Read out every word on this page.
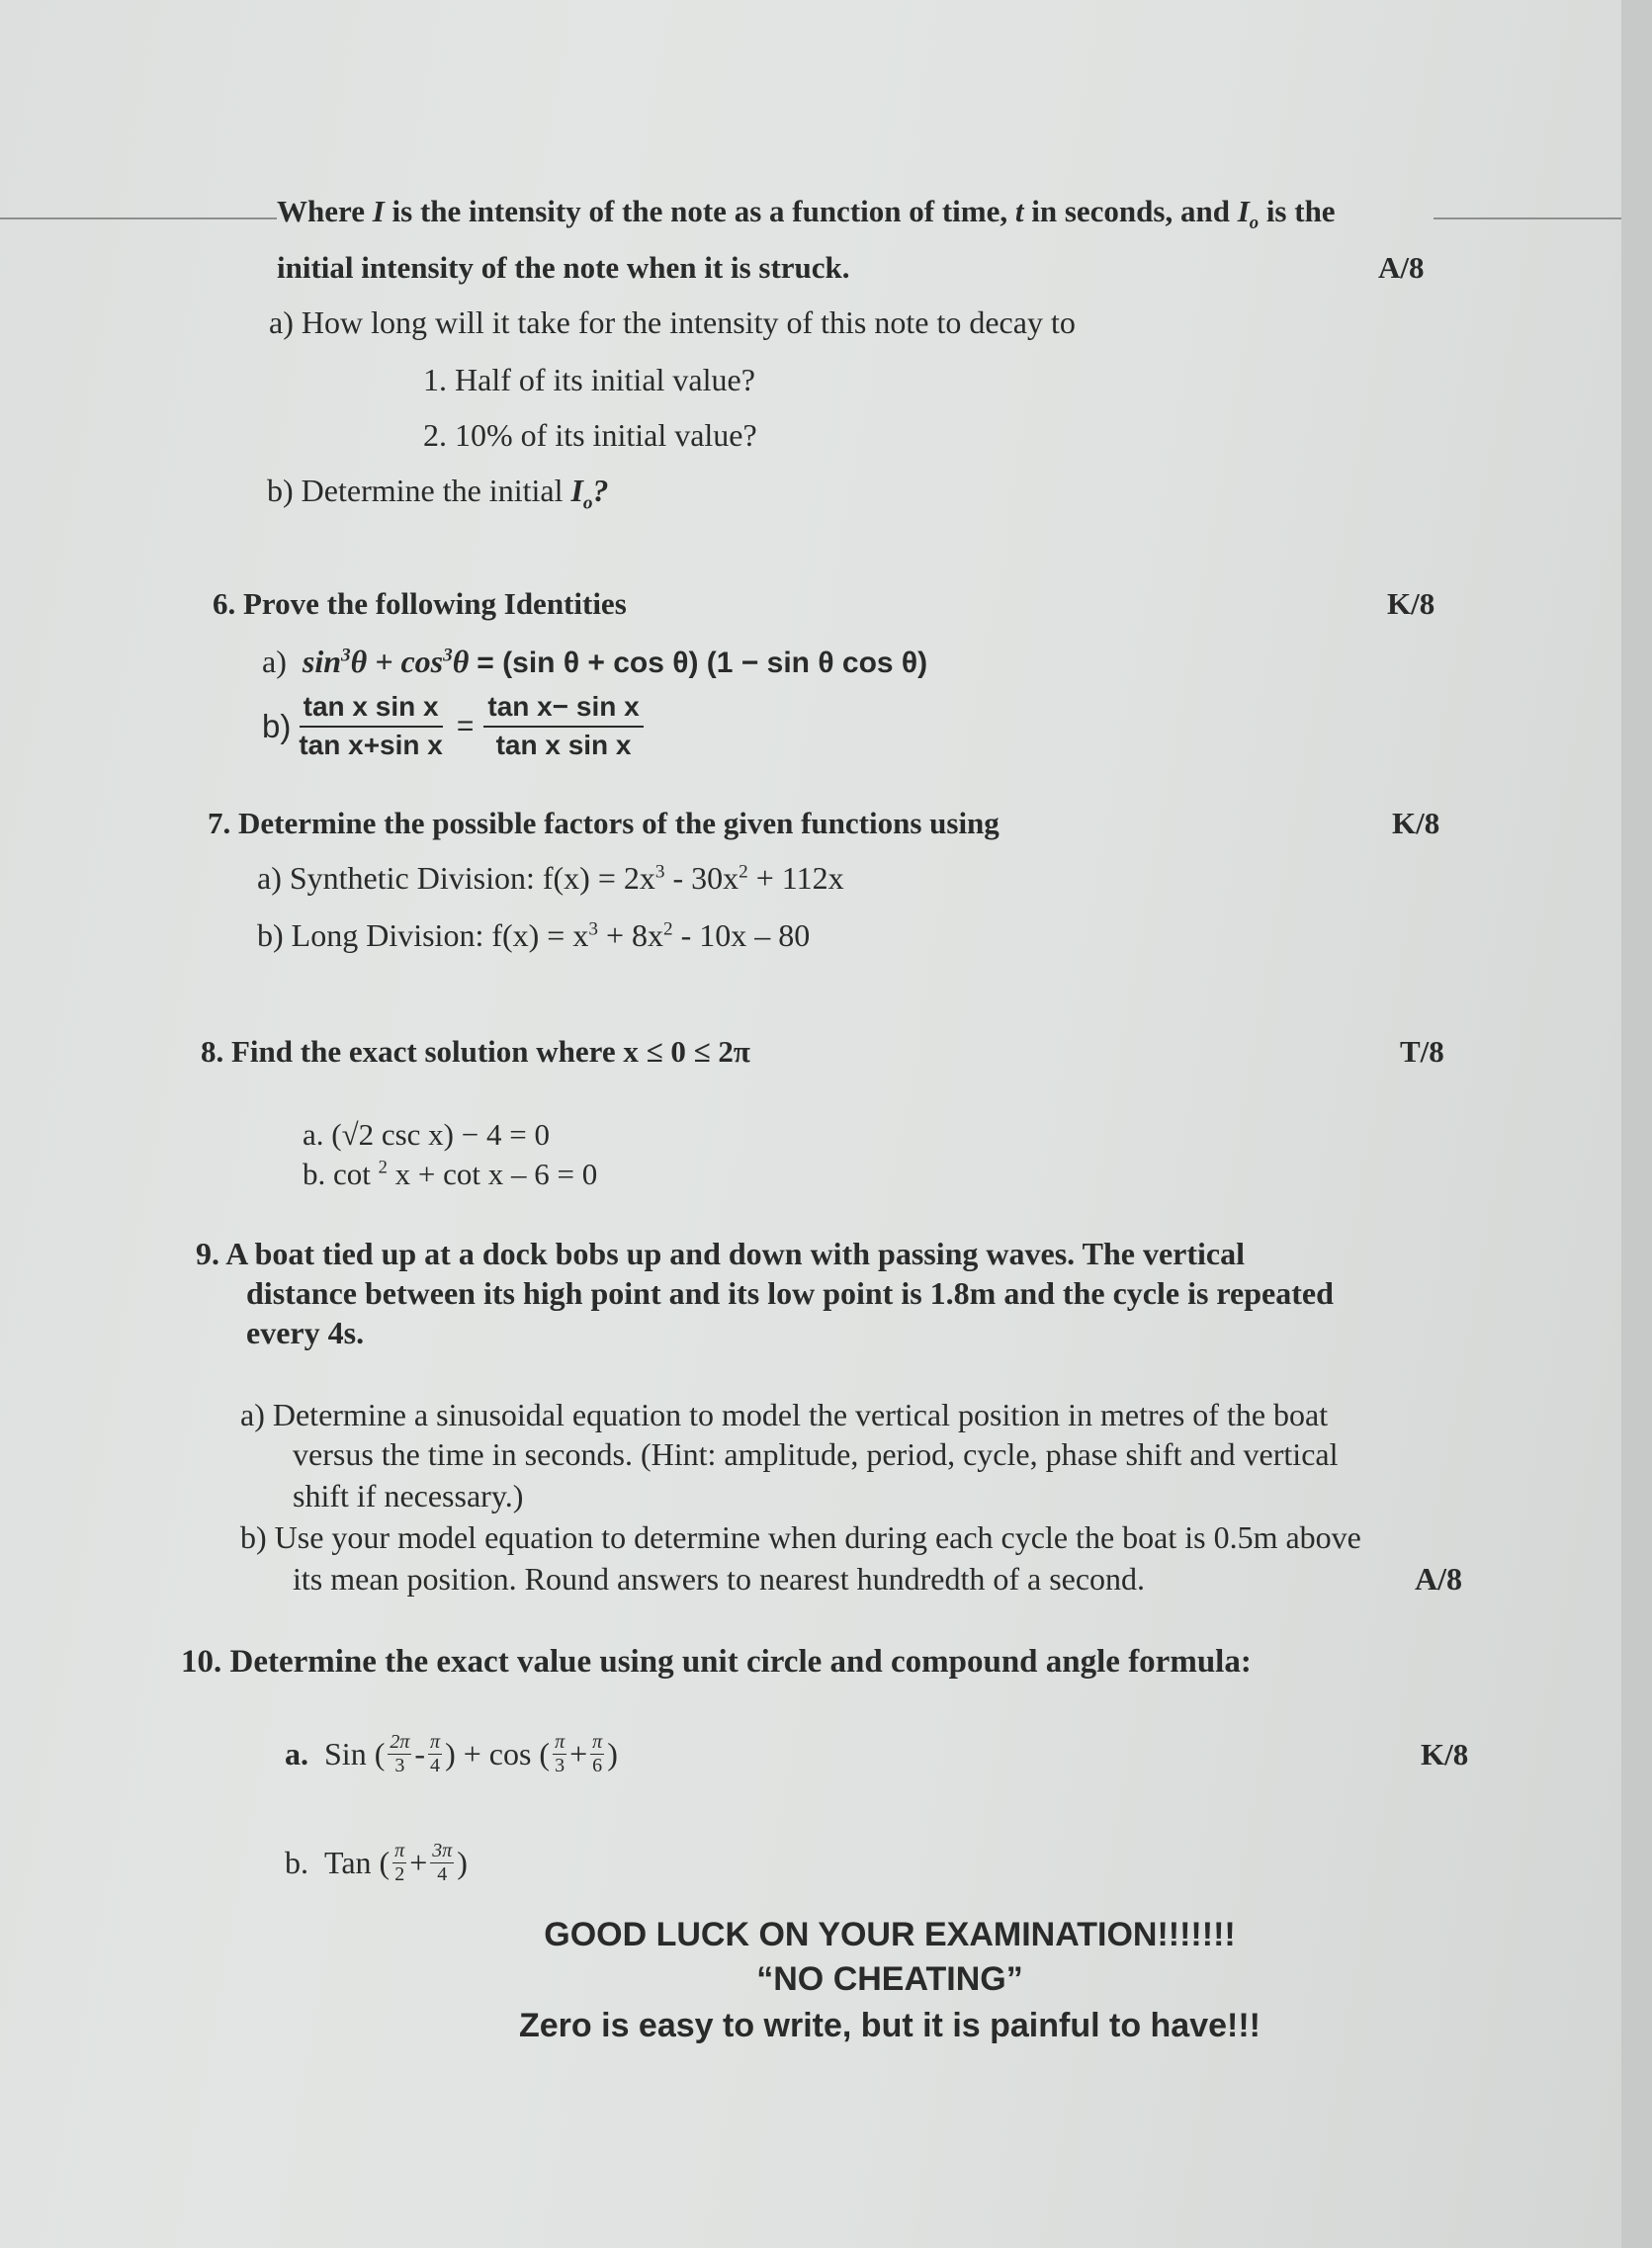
Where I is the intensity of the note as a function of time, t in seconds, and $I_o$ is the
initial intensity of the note when it is struck.	A/8
a) How long will it take for the intensity of this note to decay to
1. Half of its initial value?
2. 10% of its initial value?
b) Determine the initial $I_o$?
6. Prove the following Identities	K/8
a) $\sin^3\theta + \cos^3\theta = (\sin$ θ + cos θ) (1 − sin θ cos θ)
$b) \frac{\text{tan x sin x}}{\text{tan x+sin x}} = \frac{\text{tan x− sin x}}{\text{tan x sin x}}$
7. Determine the possible factors of the given functions using	K/8
a) Synthetic Division: $f(x) = 2x^3 - 30x^2 + 112x$
b) Long Division: $f(x) = x^3 + 8x^2 - 10x - 80$
8. Find the exact solution where x ≤ 0 ≤ 2π	T/8
a. (√2 csc x) − 4 = 0
b. cot $^2$ x + cot x – 6 = 0
9. A boat tied up at a dock bobs up and down with passing waves. The vertical
distance between its high point and its low point is 1.8m and the cycle is repeated
every 4s.
a) Determine a sinusoidal equation to model the vertical position in metres of the boat
versus the time in seconds. (Hint: amplitude, period, cycle, phase shift and vertical
shift if necessary.)
b) Use your model equation to determine when during each cycle the boat is 0.5m above
its mean position. Round answers to nearest hundredth of a second.	A/8
10. Determine the exact value using unit circle and compound angle formula:
a.
Sin ( 2π
3 - π
4 ) + cos ( π
$3 + \frac{\pi}{6}$ )	K/8
b.
Tan ( π
$2 + \frac{3\pi}{4}$ )
GOOD LUCK ON YOUR EXAMINATION!!!!!!!
“NO CHEATING”
Zero is easy to write, but it is painful to have!!!
